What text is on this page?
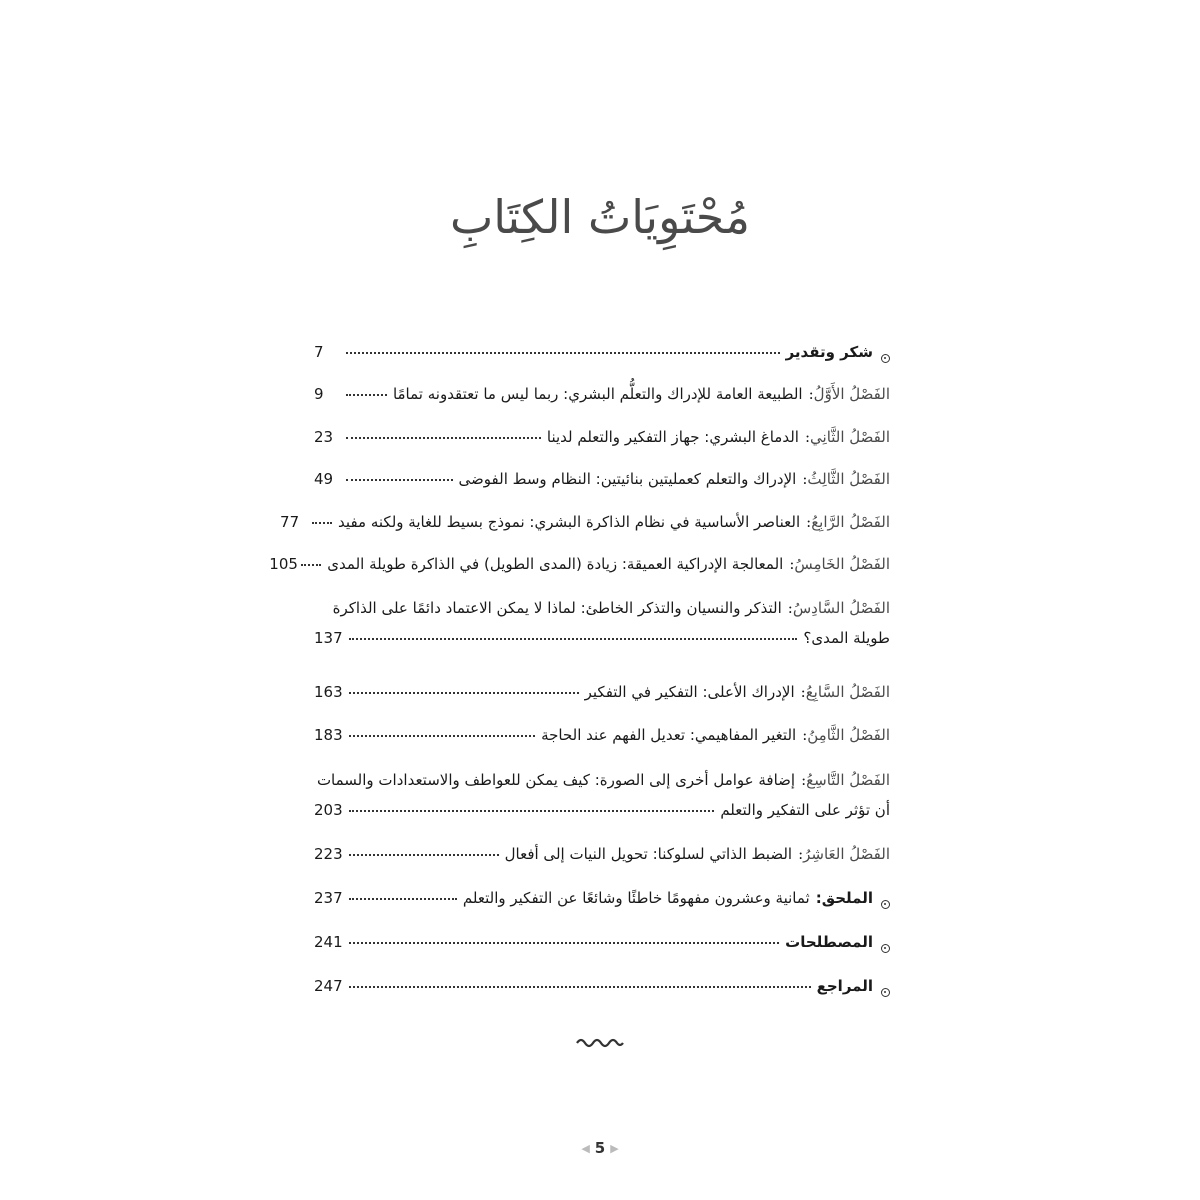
مُحْتَوِيَاتُ الكِتَابِ
شكر وتقدير
7
الفَصْلُ الأَوَّلُ :
الطبيعة العامة للإدراك والتعلُّم البشري: ربما ليس ما تعتقدونه تمامًا
9
الفَصْلُ الثَّانِي :
الدماغ البشري: جهاز التفكير والتعلم لدينا
23
الفَصْلُ الثَّالِثُ :
الإدراك والتعلم كعمليتين بنائيتين: النظام وسط الفوضى
49
الفَصْلُ الرَّابِعُ :
العناصر الأساسية في نظام الذاكرة البشري: نموذج بسيط للغاية ولكنه مفيد
77
الفَصْلُ الخَامِسُ :
المعالجة الإدراكية العميقة: زيادة (المدى الطويل) في الذاكرة طويلة المدى
105
الفَصْلُ السَّادِسُ :
التذكر والنسيان والتذكر الخاطئ: لماذا لا يمكن الاعتماد دائمًا على الذاكرة
طويلة المدى؟
137
الفَصْلُ السَّابِعُ :
الإدراك الأعلى: التفكير في التفكير
163
الفَصْلُ الثَّامِنُ :
التغير المفاهيمي: تعديل الفهم عند الحاجة
183
الفَصْلُ التَّاسِعُ :
إضافة عوامل أخرى إلى الصورة: كيف يمكن للعواطف والاستعدادات والسمات
أن تؤثر على التفكير والتعلم
203
الفَصْلُ العَاشِرُ :
الضبط الذاتي لسلوكنا: تحويل النيات إلى أفعال
223
الملحق:
ثمانية وعشرون مفهومًا خاطئًا وشائعًا عن التفكير والتعلم
237
المصطلحات
241
المراجع
247
◀ 5 ▶
